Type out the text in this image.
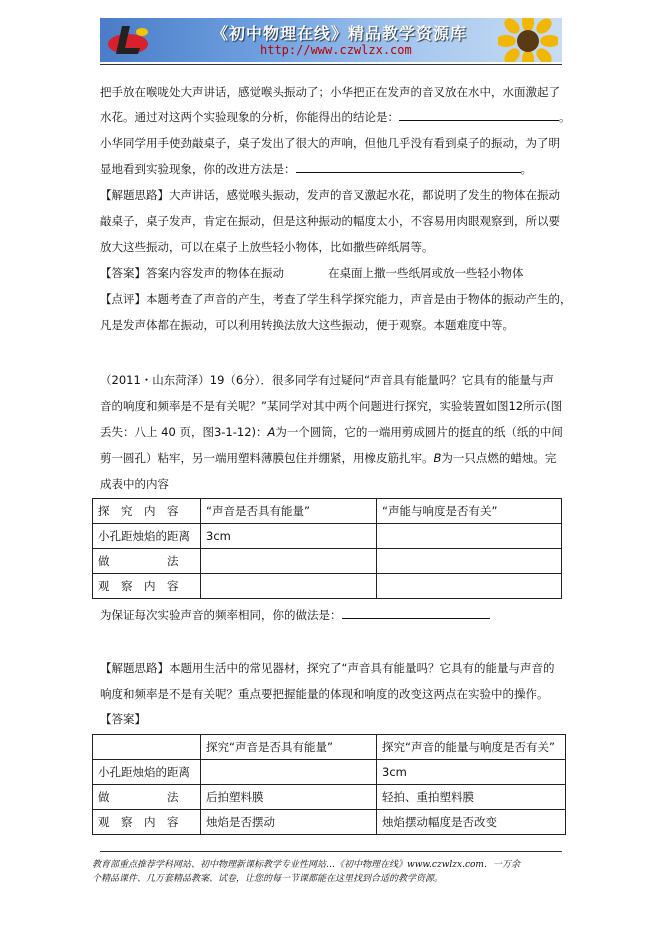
《初中物理在线》精品教学资源库
http://www.czwlzx.com
把手放在喉咙处大声讲话，感觉喉头振动了；小华把正在发声的音叉放在水中，水面激起了
水花。通过对这两个实验现象的分析，你能得出的结论是：	。
小华同学用手使劲敲桌子，桌子发出了很大的声响，但他几乎没有看到桌子的振动，为了明
显地看到实验现象，你的改进方法是：	。
【解题思路】大声讲话，感觉喉头振动，发声的音叉激起水花，都说明了发生的物体在振动
敲桌子，桌子发声，肯定在振动，但是这种振动的幅度太小，不容易用肉眼观察到，所以要
放大这些振动，可以在桌子上放些轻小物体，比如撒些碎纸屑等。
【答案】答案内容发声的物体在振动	在桌面上撒一些纸屑或放一些轻小物体
【点评】本题考查了声音的产生，考查了学生科学探究能力，声音是由于物体的振动产生的，
凡是发声体都在振动，可以利用转换法放大这些振动，便于观察。本题难度中等。
（2011・山东菏泽）19（6分）．很多同学有过疑问“声音具有能量吗？它具有的能量与声
音的响度和频率是不是有关呢？”某同学对其中两个问题进行探究，实验装置如图12所示(图
丢失：八上 40 页，图3-1-12)：A为一个圆筒，它的一端用剪成圆片的挺直的纸（纸的中间
剪一圆孔）粘牢，另一端用塑料薄膜包住并绷紧，用橡皮筋扎牢。B为一只点燃的蜡烛。完
成表中的内容
探　究　内　容	“声音是否具有能量”	“声能与响度是否有关”
小孔距烛焰的距离	3cm	
做　　　　　法		
观　察　内　容		
为保证每次实验声音的频率相同，你的做法是：
【解题思路】本题用生活中的常见器材，探究了“声音具有能量吗？它具有的能量与声音的
响度和频率是不是有关呢？重点要把握能量的体现和响度的改变这两点在实验中的操作。
【答案】
	探究“声音是否具有能量”	探究“声音的能量与响度是否有关”
小孔距烛焰的距离		3cm
做　　　　　法	后拍塑料膜	轻拍、重拍塑料膜
观　察　内　容	烛焰是否摆动	烛焰摆动幅度是否改变
教育部重点推荐学科网站、初中物理新课标教学专业性网站…《初中物理在线》www.czwlzx.com．一万余
个精品课件、几万套精品教案、试卷，让您的每一节课都能在这里找到合适的教学资源。
